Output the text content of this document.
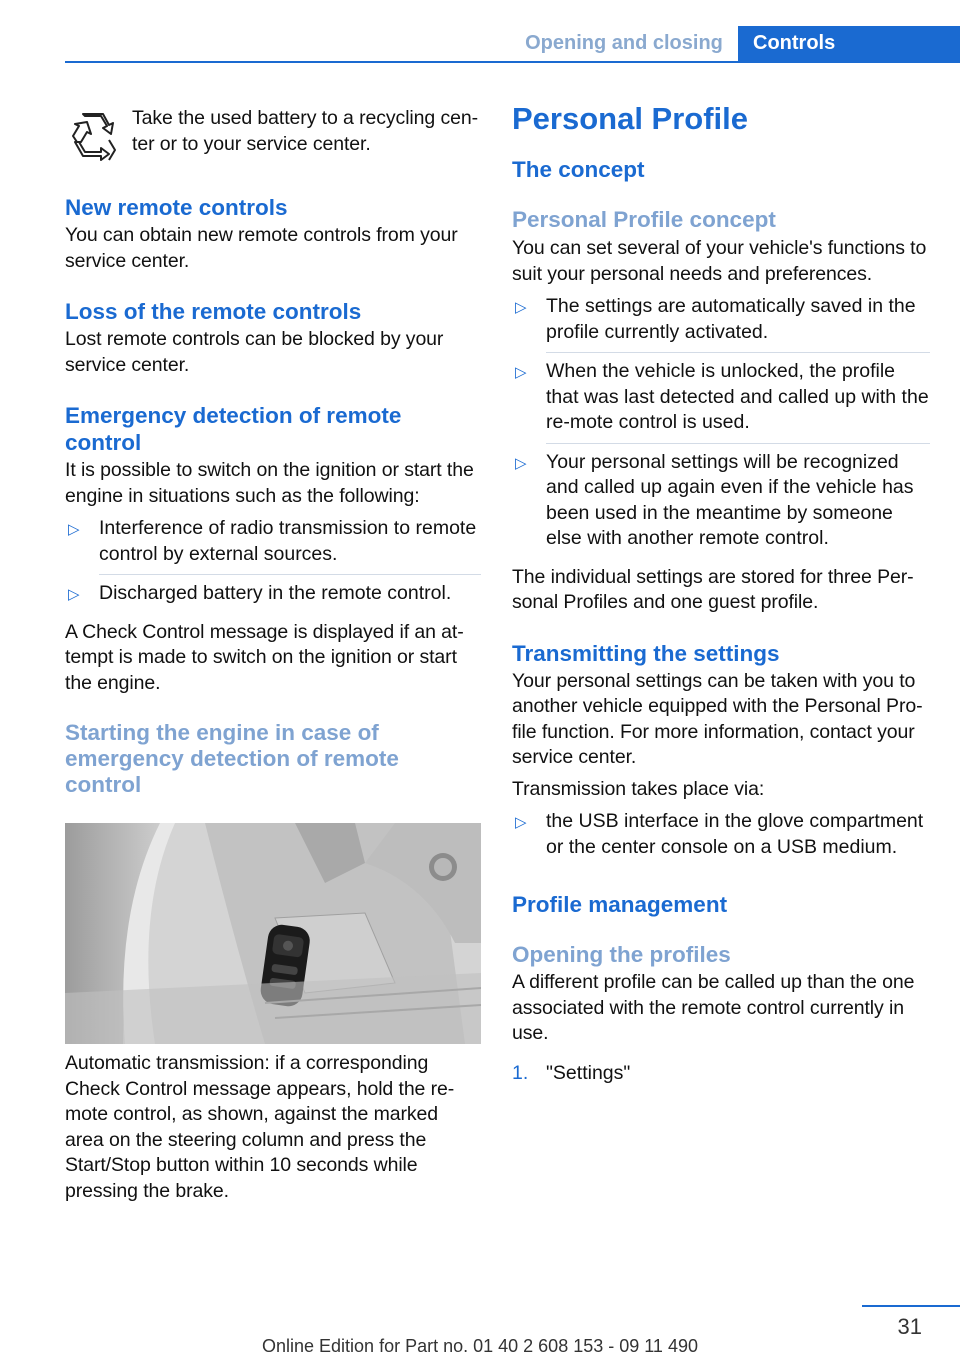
Opening and closing	Controls

Take the used battery to a recycling cen-ter or to your service center.

New remote controls

You can obtain new remote controls from your service center.

Loss of the remote controls

Lost remote controls can be blocked by your service center.

Emergency detection of remote control

It is possible to switch on the ignition or start the engine in situations such as the following:

▷ Interference of radio transmission to remote control by external sources.
▷ Discharged battery in the remote control.

A Check Control message is displayed if an at-tempt is made to switch on the ignition or start the engine.

Starting the engine in case of emergency detection of remote control

Automatic transmission: if a corresponding Check Control message appears, hold the re-mote control, as shown, against the marked area on the steering column and press the Start/Stop button within 10 seconds while pressing the brake.

Personal Profile
The concept
Personal Profile concept

You can set several of your vehicle's functions to suit your personal needs and preferences.

▷ The settings are automatically saved in the profile currently activated.
▷ When the vehicle is unlocked, the profile that was last detected and called up with the re-mote control is used.
▷ Your personal settings will be recognized and called up again even if the vehicle has been used in the meantime by someone else with another remote control.

The individual settings are stored for three Per-sonal Profiles and one guest profile.

Transmitting the settings

Your personal settings can be taken with you to another vehicle equipped with the Personal Pro-file function. For more information, contact your service center.

Transmission takes place via:

▷ the USB interface in the glove compartment or the center console on a USB medium.
Profile management
Opening the profiles

A different profile can be called up than the one associated with the remote control currently in use.

1. "Settings"
31
Online Edition for Part no. 01 40 2 608 153 - 09 11 490
